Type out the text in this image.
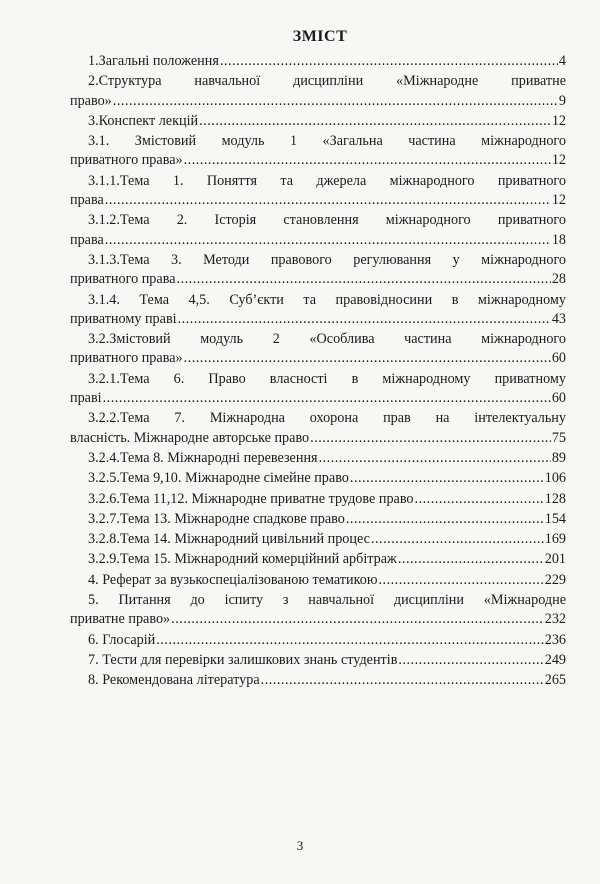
ЗМІСТ
1.Загальні положення .....	4
2.Структура навчальної дисципліни «Міжнародне приватне
право» .....	9
3.Конспект лекцій .....	12
3.1. Змістовий модуль 1 «Загальна частина міжнародного
приватного права» .....	12
3.1.1.Тема 1. Поняття та джерела міжнародного приватного
права .....	12
3.1.2.Тема 2. Історія становлення міжнародного приватного
права .....	18
3.1.3.Тема 3. Методи правового регулювання у міжнародного
приватного права .....	28
3.1.4. Тема 4,5. Суб’єкти та правовідносини в міжнародному
приватному праві .....	43
3.2.Змістовий модуль 2 «Особлива частина міжнародного
приватного права» .....	60
3.2.1.Тема 6. Право власності в міжнародному приватному
праві .....	60
3.2.2.Тема 7. Міжнародна охорона прав на інтелектуальну
власність. Міжнародне авторське право .....	75
3.2.4.Тема 8. Міжнародні перевезення .....	89
3.2.5.Тема 9,10. Міжнародне сімейне право .....	106
3.2.6.Тема 11,12. Міжнародне приватне трудове право .....	128
3.2.7.Тема 13. Міжнародне спадкове право .....	154
3.2.8.Тема 14. Міжнародний цивільний процес .....	169
3.2.9.Тема 15. Міжнародний комерційний арбітраж .....	201
4. Реферат за вузькоспеціалізованою тематикою .....	229
5. Питання до іспиту з навчальної дисципліни «Міжнародне
приватне право» .....	232
6. Глосарій .....	236
7. Тести для перевірки залишкових знань студентів .....	249
8. Рекомендована література .....	265
3
